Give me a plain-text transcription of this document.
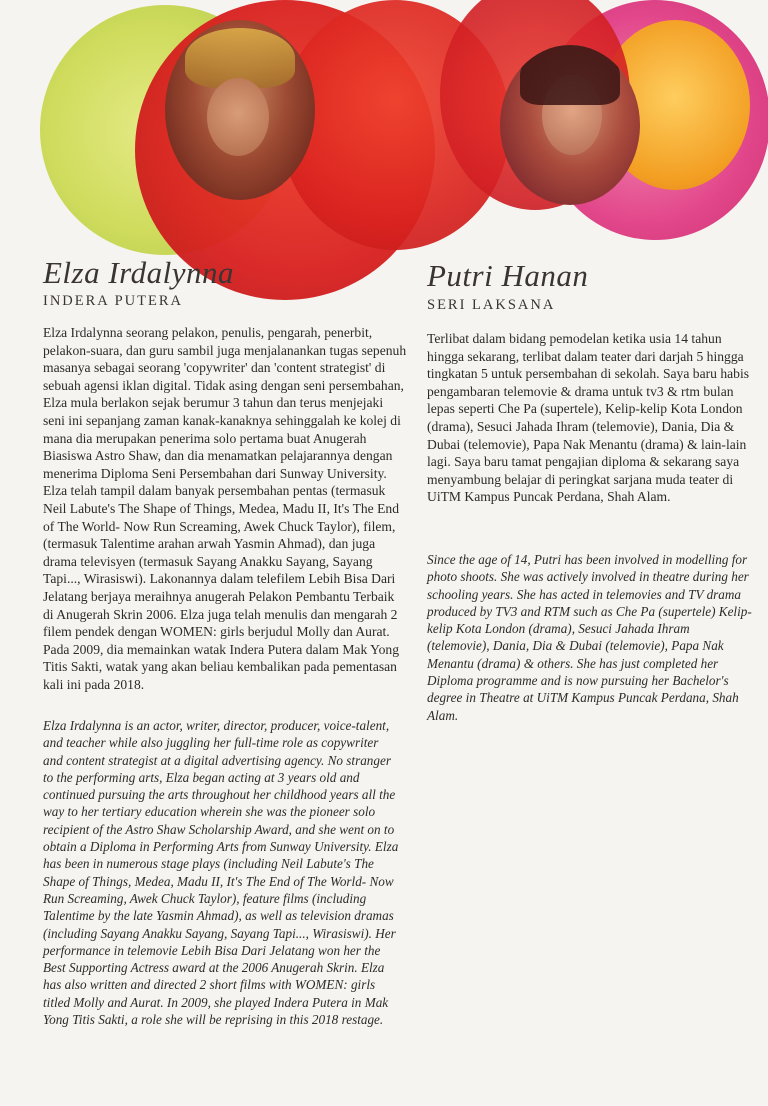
Elza Irdalynna

INDERA PUTERA

Elza Irdalynna seorang pelakon, penulis, pengarah, penerbit, pelakon-suara, dan guru sambil juga menjalanankan tugas sepenuh masanya sebagai seorang 'copywriter' dan 'content strategist' di sebuah agensi iklan digital. Tidak asing dengan seni persembahan, Elza mula berlakon sejak berumur 3 tahun dan terus menjejaki seni ini sepanjang zaman kanak-kanaknya sehinggalah ke kolej di mana dia merupakan penerima solo pertama buat Anugerah Biasiswa Astro Shaw, dan dia menamatkan pelajarannya dengan menerima Diploma Seni Persembahan dari Sunway University. Elza telah tampil dalam banyak persembahan pentas (termasuk Neil Labute's The Shape of Things, Medea, Madu II, It's The End of The World- Now Run Screaming, Awek Chuck Taylor), filem, (termasuk Talentime arahan arwah Yasmin Ahmad), dan juga drama televisyen (termasuk Sayang Anakku Sayang, Sayang Tapi..., Wirasiswi). Lakonannya dalam telefilem Lebih Bisa Dari Jelatang berjaya meraihnya anugerah Pelakon Pembantu Terbaik di Anugerah Skrin 2006. Elza juga telah menulis dan mengarah 2 filem pendek dengan WOMEN: girls berjudul Molly dan Aurat. Pada 2009, dia memainkan watak Indera Putera dalam Mak Yong Titis Sakti, watak yang akan beliau kembalikan pada pementasan kali ini pada 2018.

Elza Irdalynna is an actor, writer, director, producer, voice-talent, and teacher while also juggling her full-time role as copywriter and content strategist at a digital advertising agency. No stranger to the performing arts, Elza began acting at 3 years old and continued pursuing the arts throughout her childhood years all the way to her tertiary education wherein she was the pioneer solo recipient of the Astro Shaw Scholarship Award, and she went on to obtain a Diploma in Performing Arts from Sunway University. Elza has been in numerous stage plays (including Neil Labute's The Shape of Things, Medea, Madu II, It's The End of The World- Now Run Screaming, Awek Chuck Taylor), feature films (including Talentime by the late Yasmin Ahmad), as well as television dramas (including Sayang Anakku Sayang, Sayang Tapi..., Wirasiswi). Her performance in telemovie Lebih Bisa Dari Jelatang won her the Best Supporting Actress award at the 2006 Anugerah Skrin. Elza has also written and directed 2 short films with WOMEN: girls titled Molly and Aurat. In 2009, she played Indera Putera in Mak Yong Titis Sakti, a role she will be reprising in this 2018 restage.

Putri Hanan

SERI LAKSANA

Terlibat dalam bidang pemodelan ketika usia 14 tahun hingga sekarang, terlibat dalam teater dari darjah 5 hingga tingkatan 5 untuk persembahan di sekolah. Saya baru habis pengambaran telemovie & drama untuk tv3 & rtm bulan lepas seperti Che Pa (supertele), Kelip-kelip Kota London (drama), Sesuci Jahada Ihram (telemovie), Dania, Dia & Dubai (telemovie), Papa Nak Menantu (drama) & lain-lain lagi. Saya baru tamat pengajian diploma & sekarang saya menyambung belajar di peringkat sarjana muda teater di UiTM Kampus Puncak Perdana, Shah Alam.

Since the age of 14, Putri has been involved in modelling for photo shoots. She was actively involved in theatre during her schooling years. She has acted in telemovies and TV drama produced by TV3 and RTM such as Che Pa (supertele) Kelip-kelip Kota London (drama), Sesuci Jahada Ihram (telemovie), Dania, Dia & Dubai (telemovie), Papa Nak Menantu (drama) & others. She has just completed her Diploma programme and is now pursuing her Bachelor's degree in Theatre at UiTM Kampus Puncak Perdana, Shah Alam.
